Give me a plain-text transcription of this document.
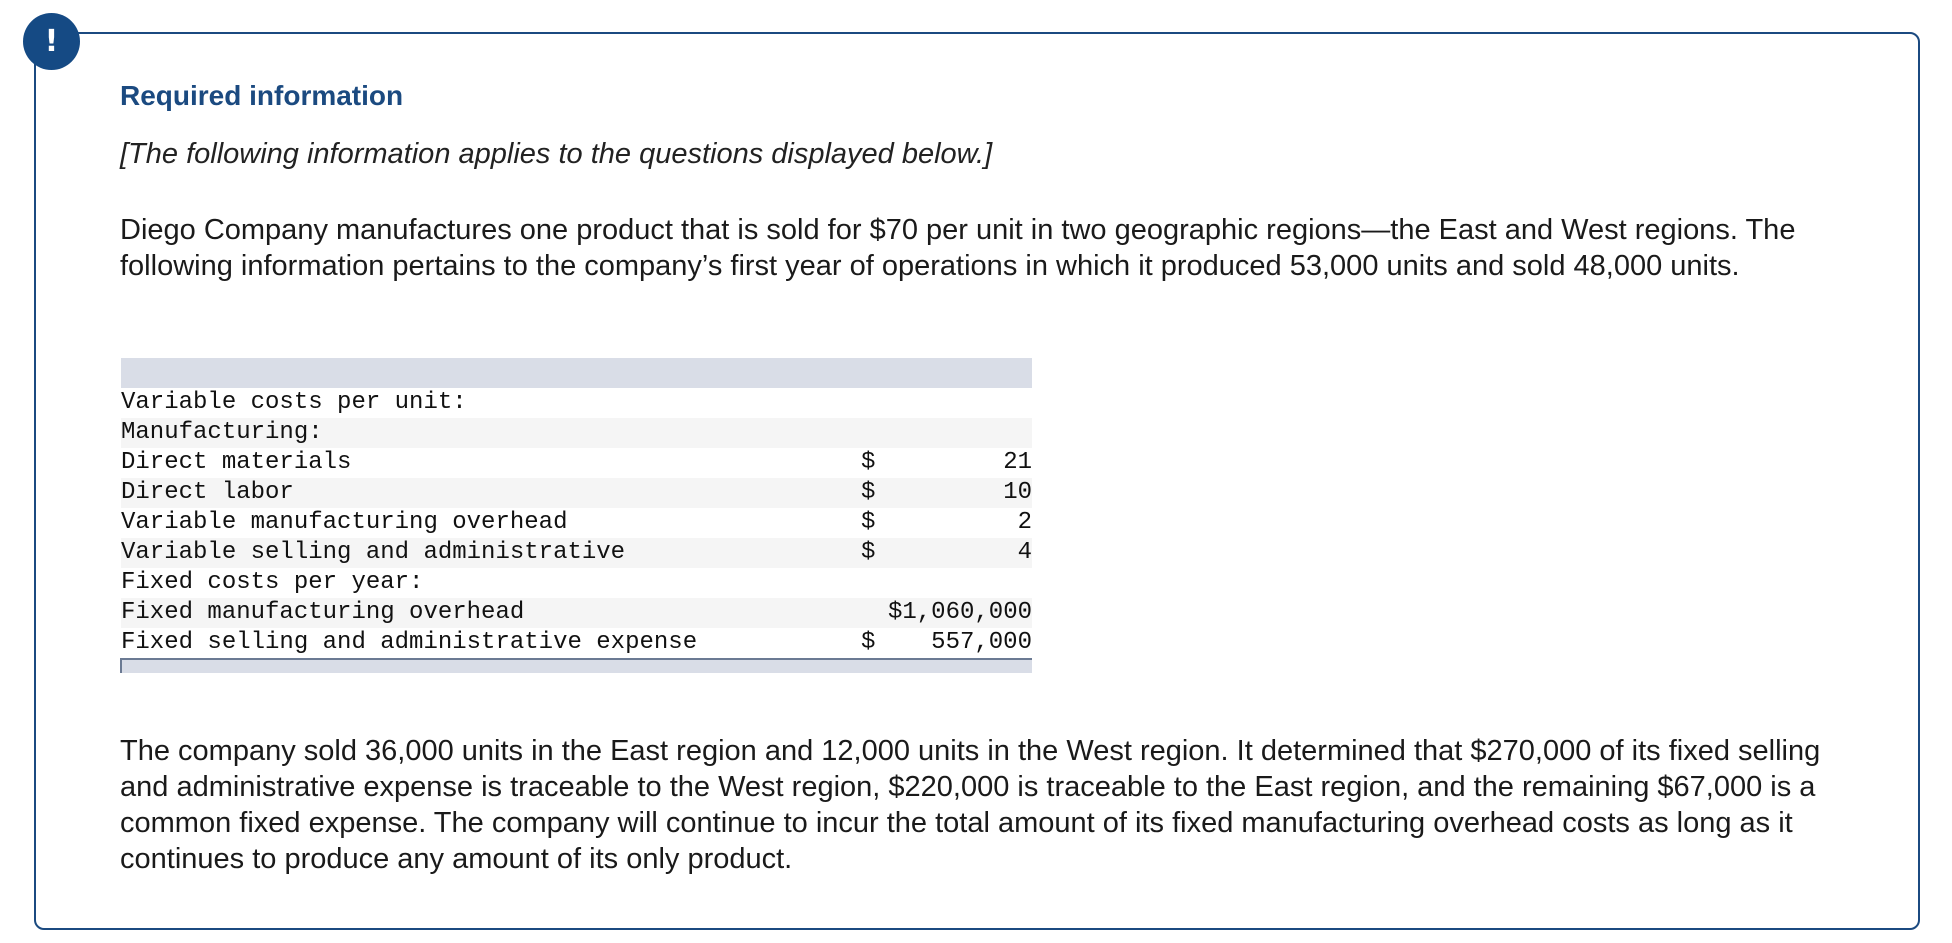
!
Required information

[The following information applies to the questions displayed below.]

Diego Company manufactures one product that is sold for $70 per unit in two geographic regions—the East and West regions. The following information pertains to the company’s first year of operations in which it produced 53,000 units and sold 48,000 units.

Variable costs per unit:		
Manufacturing:		
Direct materials	$	21
Direct labor	$	10
Variable manufacturing overhead	$	2
Variable selling and administrative	$	4
Fixed costs per year:		
Fixed manufacturing overhead	$1,060,000	
Fixed selling and administrative expense	$	557,000

The company sold 36,000 units in the East region and 12,000 units in the West region. It determined that $270,000 of its fixed selling and administrative expense is traceable to the West region, $220,000 is traceable to the East region, and the remaining $67,000 is a common fixed expense. The company will continue to incur the total amount of its fixed manufacturing overhead costs as long as it continues to produce any amount of its only product.
